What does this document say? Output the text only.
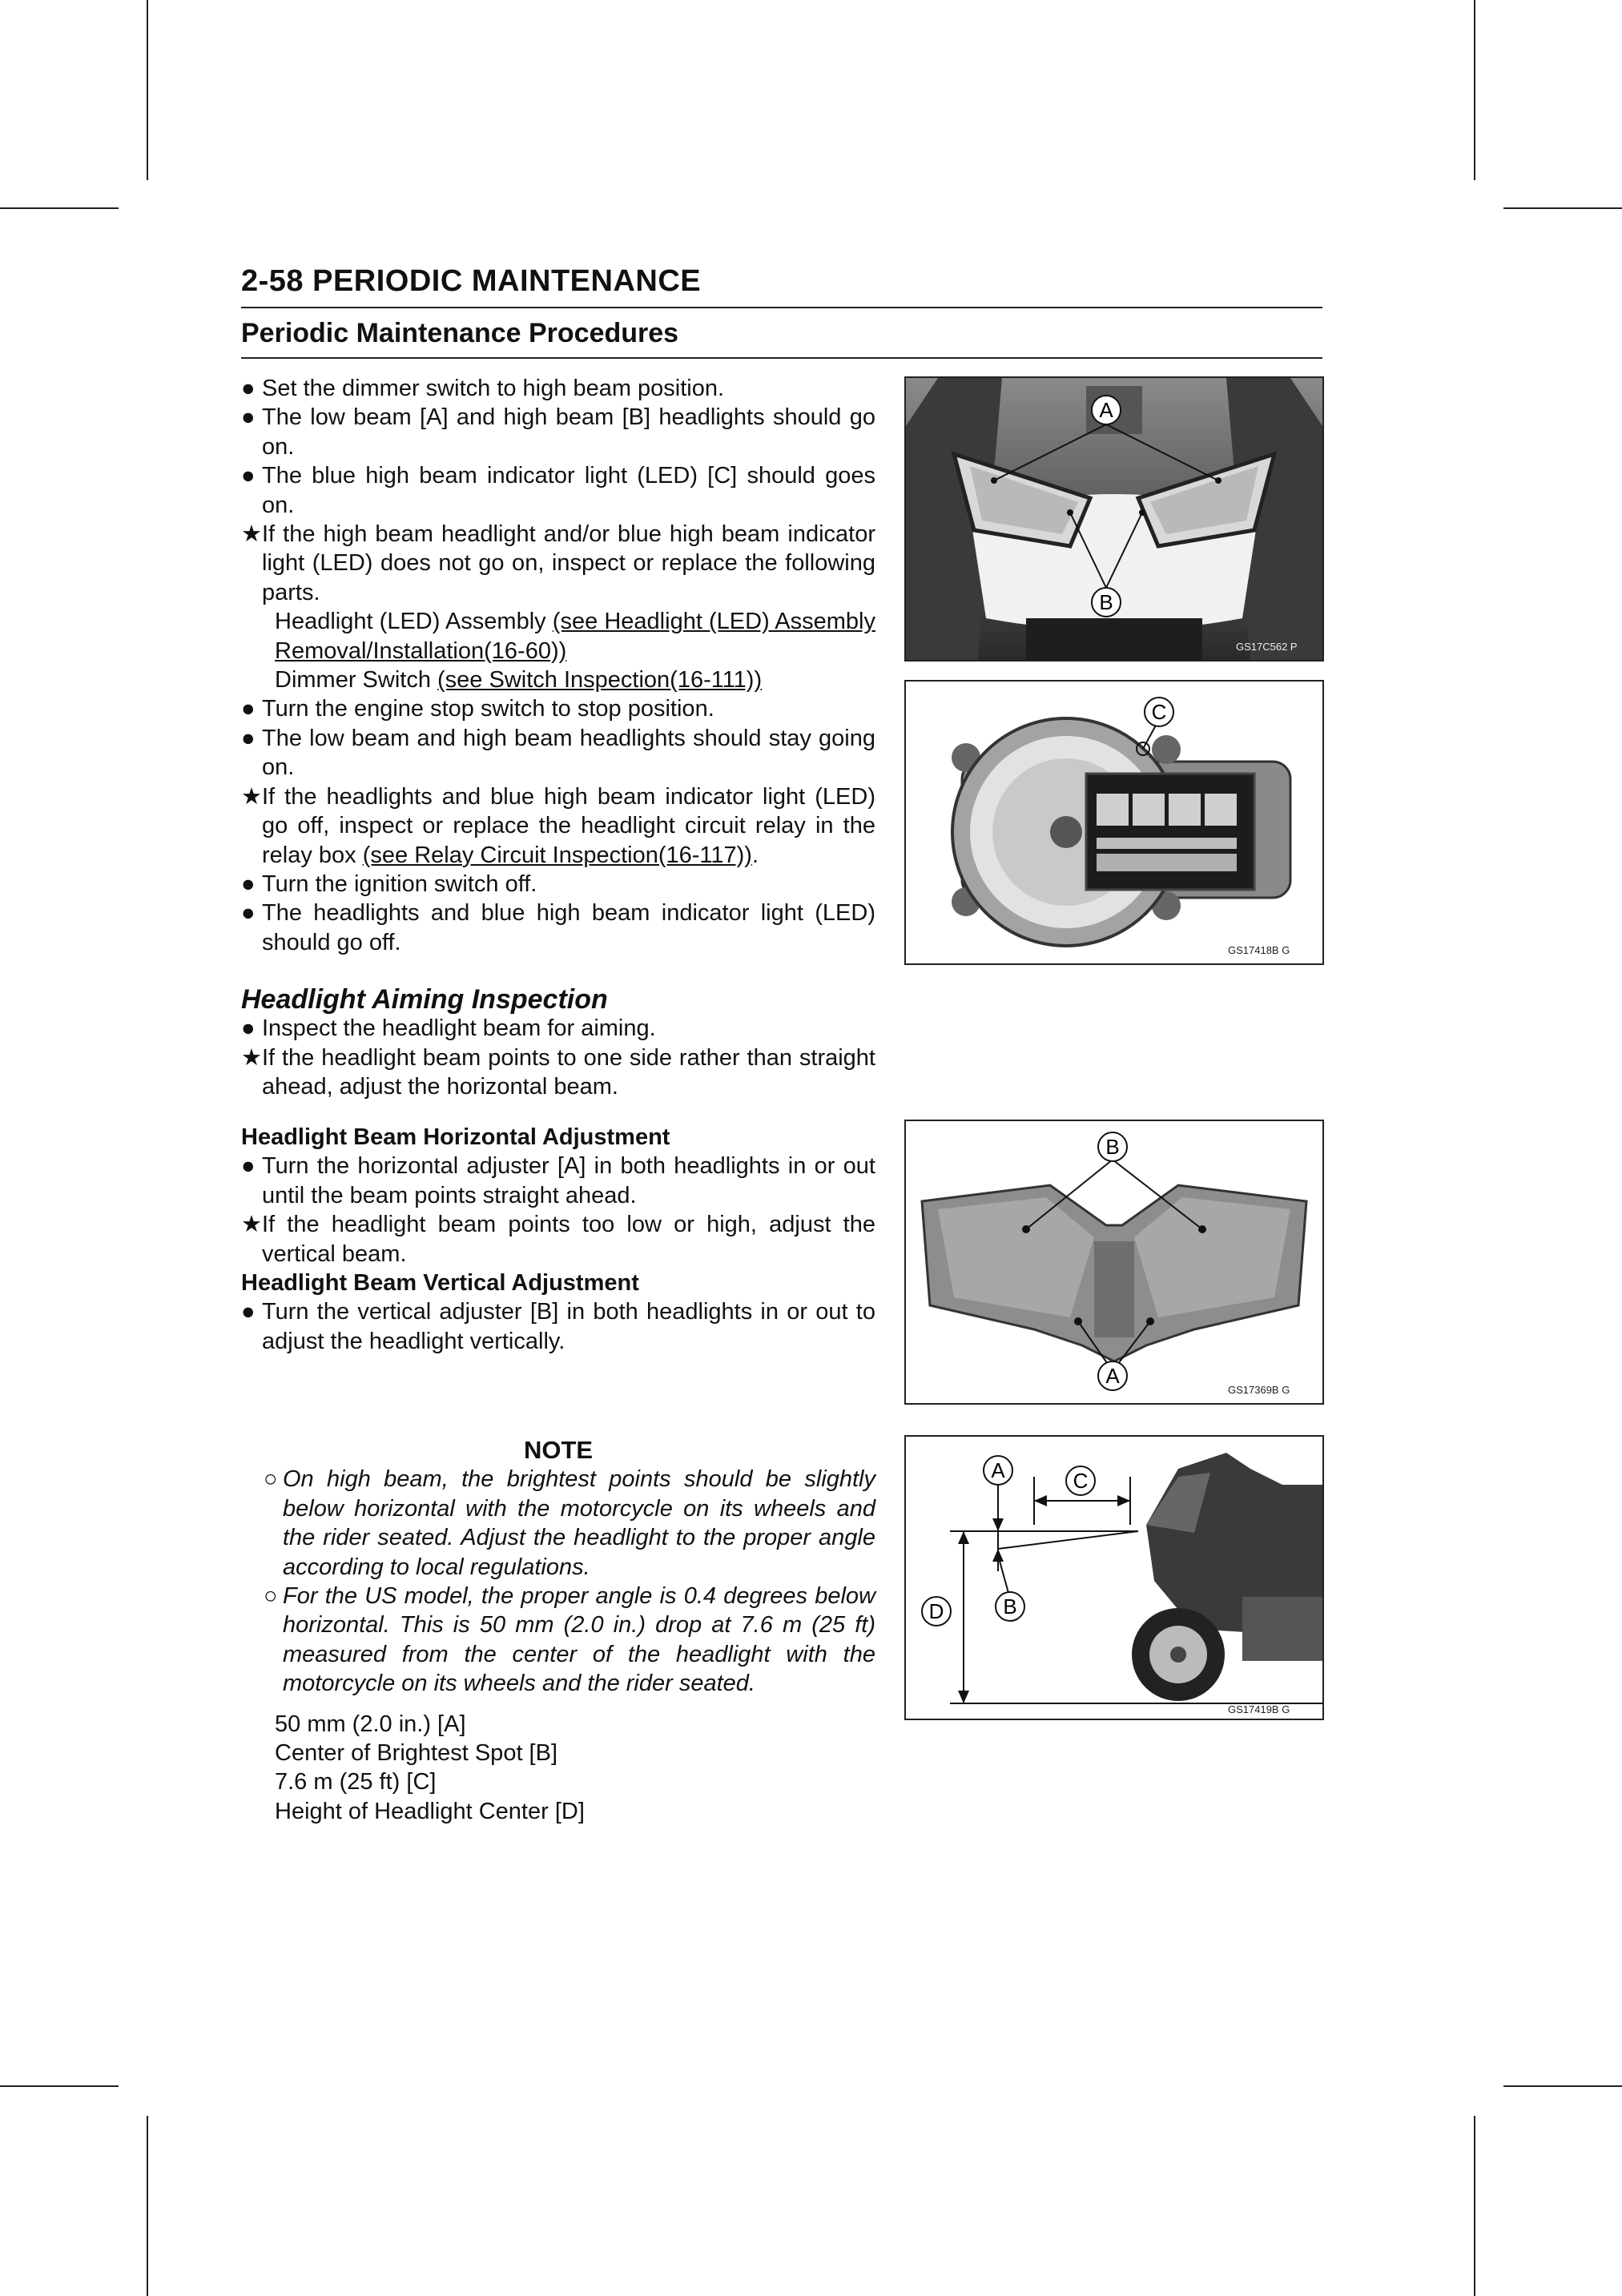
2-58 PERIODIC MAINTENANCE
Periodic Maintenance Procedures
● Set the dimmer switch to high beam position.
● The low beam [A] and high beam [B] headlights should go on.
● The blue high beam indicator light (LED) [C] should goes on.
★ If the high beam headlight and/or blue high beam indicator light (LED) does not go on, inspect or replace the following parts.
Headlight (LED) Assembly (see Headlight (LED) Assembly Removal/Installation(16-60))
Dimmer Switch (see Switch Inspection(16-111))
● Turn the engine stop switch to stop position.
● The low beam and high beam headlights should stay going on.
★ If the headlights and blue high beam indicator light (LED) go off, inspect or replace the headlight circuit relay in the relay box (see Relay Circuit Inspection(16-117)).
● Turn the ignition switch off.
● The headlights and blue high beam indicator light (LED) should go off.
Headlight Aiming Inspection
● Inspect the headlight beam for aiming.
★ If the headlight beam points to one side rather than straight ahead, adjust the horizontal beam.
Headlight Beam Horizontal Adjustment
● Turn the horizontal adjuster [A] in both headlights in or out until the beam points straight ahead.
★ If the headlight beam points too low or high, adjust the vertical beam.
Headlight Beam Vertical Adjustment
● Turn the vertical adjuster [B] in both headlights in or out to adjust the headlight vertically.
NOTE
○ On high beam, the brightest points should be slightly below horizontal with the motorcycle on its wheels and the rider seated. Adjust the headlight to the proper angle according to local regulations.
○ For the US model, the proper angle is 0.4 degrees below horizontal. This is 50 mm (2.0 in.) drop at 7.6 m (25 ft) measured from the center of the headlight with the motorcycle on its wheels and the rider seated.
50 mm (2.0 in.) [A]
Center of Brightest Spot [B]
7.6 m (25 ft) [C]
Height of Headlight Center [D]
A
B
GS17C562 P
C
GS17418B G
B
A
GS17369B G
A	C
D	B
GS17419B G
